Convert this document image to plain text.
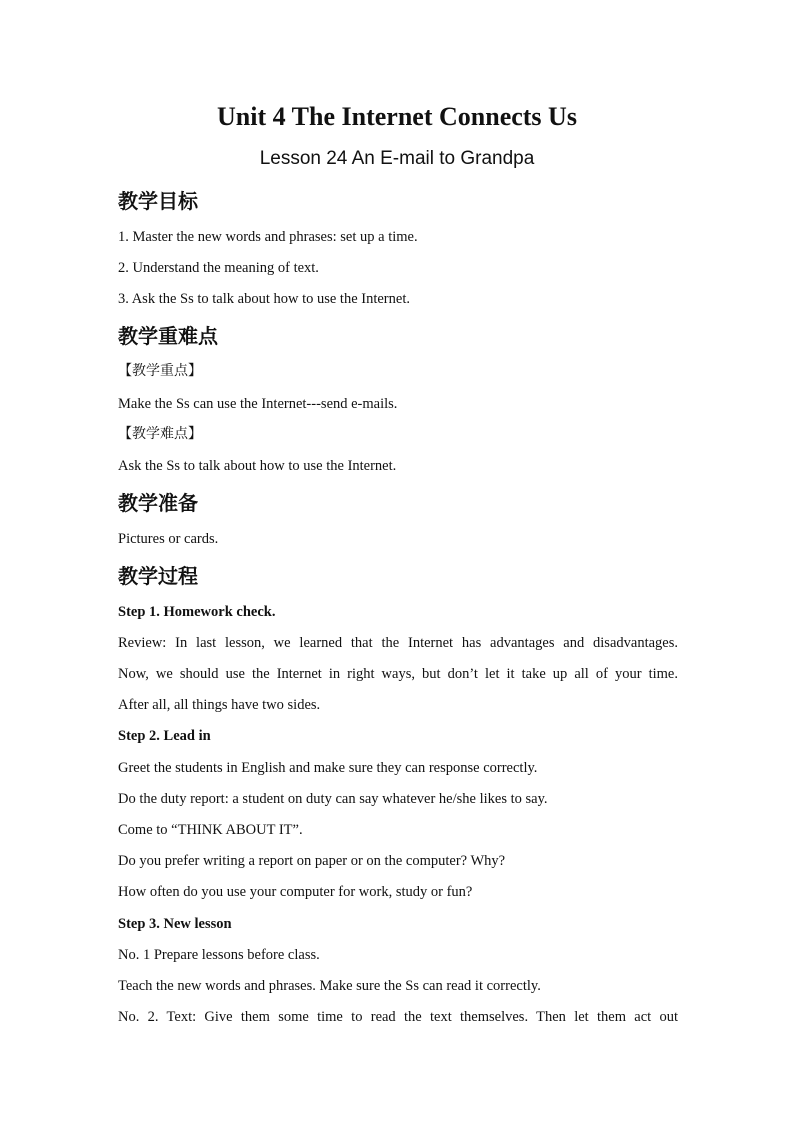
Unit 4 The Internet Connects Us
Lesson 24 An E-mail to Grandpa
教学目标
1. Master the new words and phrases: set up a time.
2. Understand the meaning of text.
3. Ask the Ss to talk about how to use the Internet.
教学重难点
【教学重点】
Make the Ss can use the Internet---send e-mails.
【教学难点】
Ask the Ss to talk about how to use the Internet.
教学准备
Pictures or cards.
教学过程
Step 1. Homework check.
Review: In last lesson, we learned that the Internet has advantages and disadvantages.
Now, we should use the Internet in right ways, but don’t let it take up all of your time.
After all, all things have two sides.
Step 2. Lead in
Greet the students in English and make sure they can response correctly.
Do the duty report: a student on duty can say whatever he/she likes to say.
Come to “THINK ABOUT IT”.
Do you prefer writing a report on paper or on the computer? Why?
How often do you use your computer for work, study or fun?
Step 3. New lesson
No. 1 Prepare lessons before class.
Teach the new words and phrases. Make sure the Ss can read it correctly.
No. 2. Text: Give them some time to read the text themselves. Then let them act out
